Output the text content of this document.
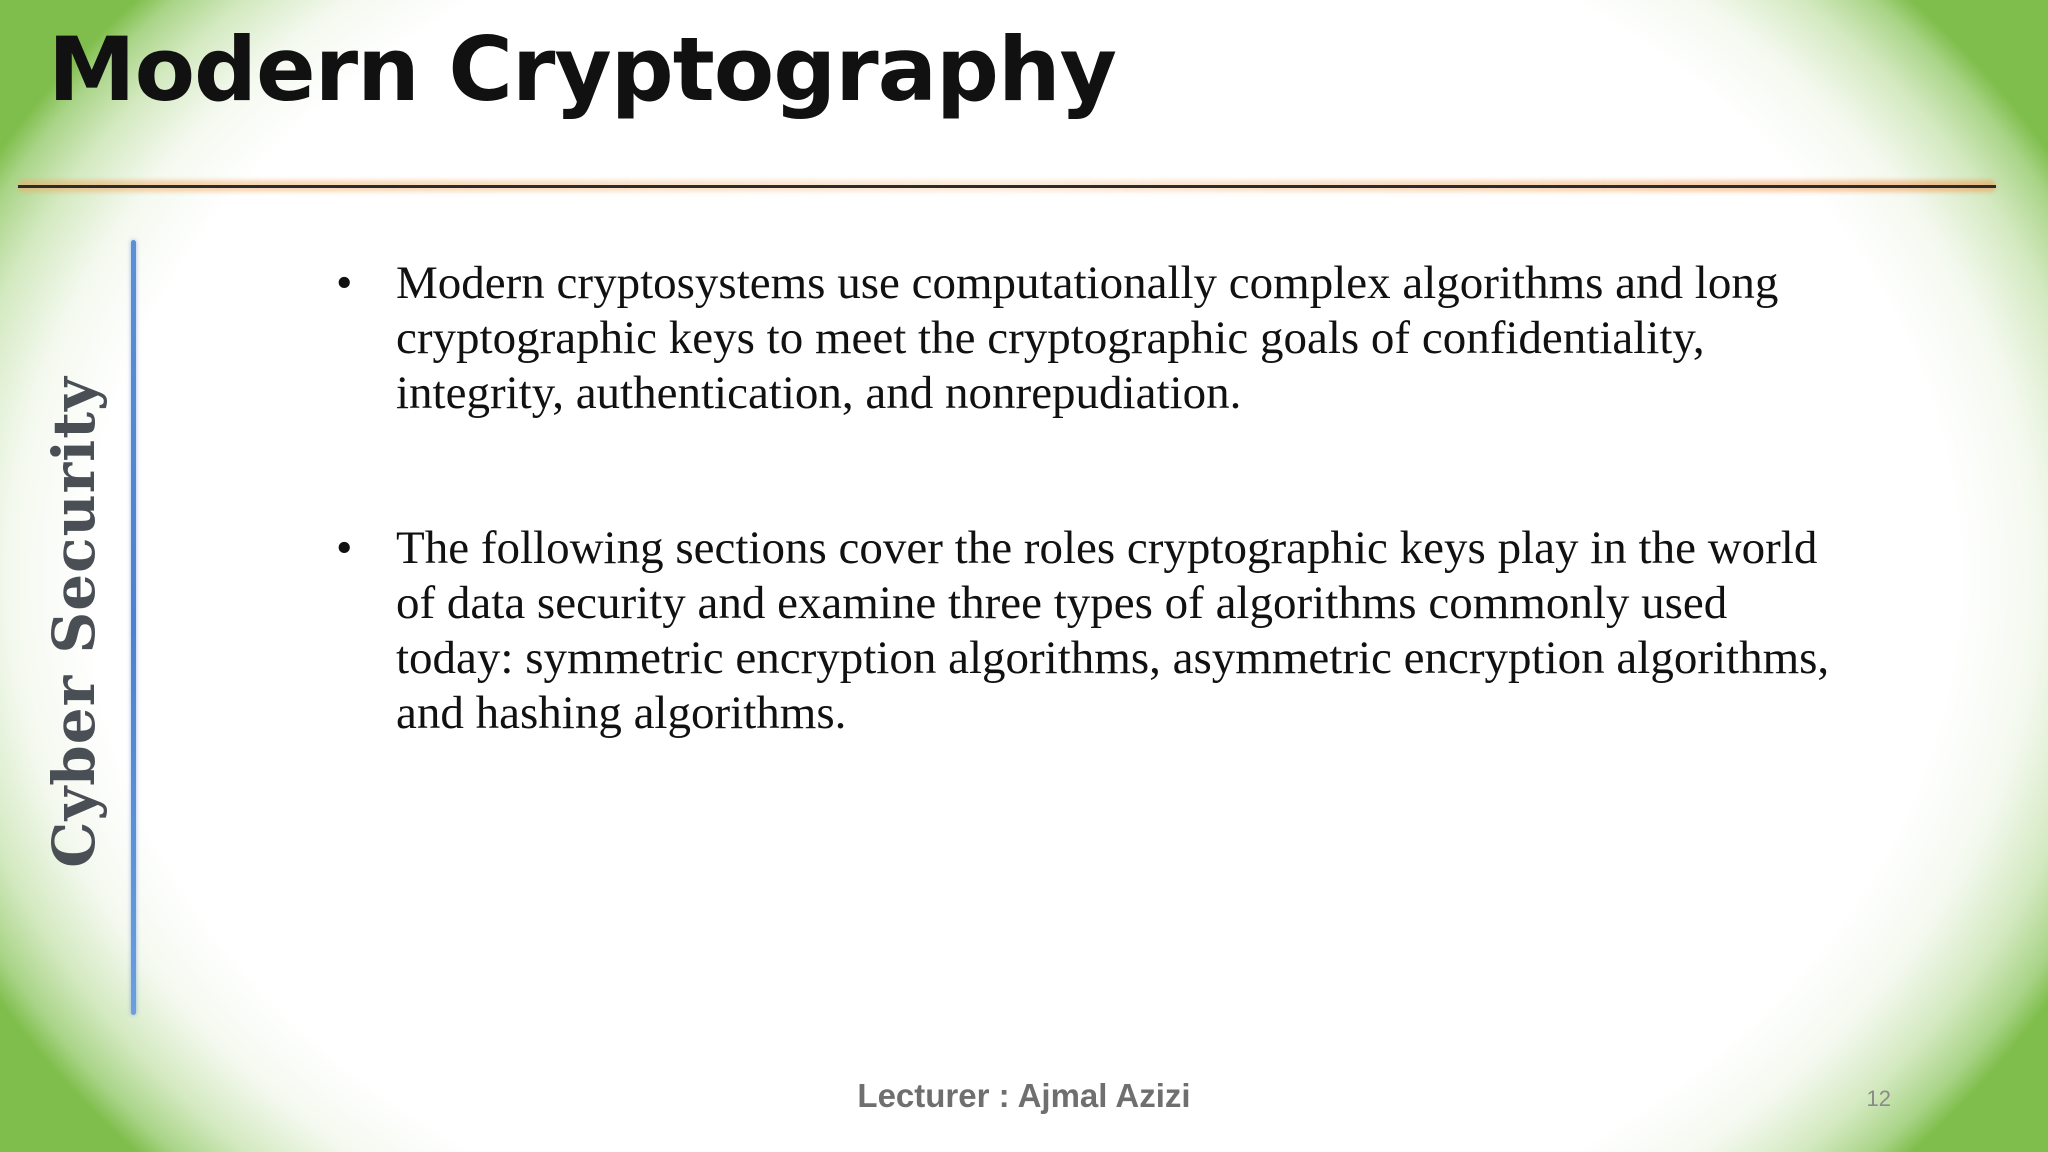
Modern Cryptography
Cyber Security
• Modern cryptosystems use computationally complex algorithms and long cryptographic keys to meet the cryptographic goals of confidentiality, integrity, authentication, and nonrepudiation.
• The following sections cover the roles cryptographic keys play in the world of data security and examine three types of algorithms commonly used today: symmetric encryption algorithms, asymmetric encryption algorithms, and hashing algorithms.
Lecturer : Ajmal Azizi	12
